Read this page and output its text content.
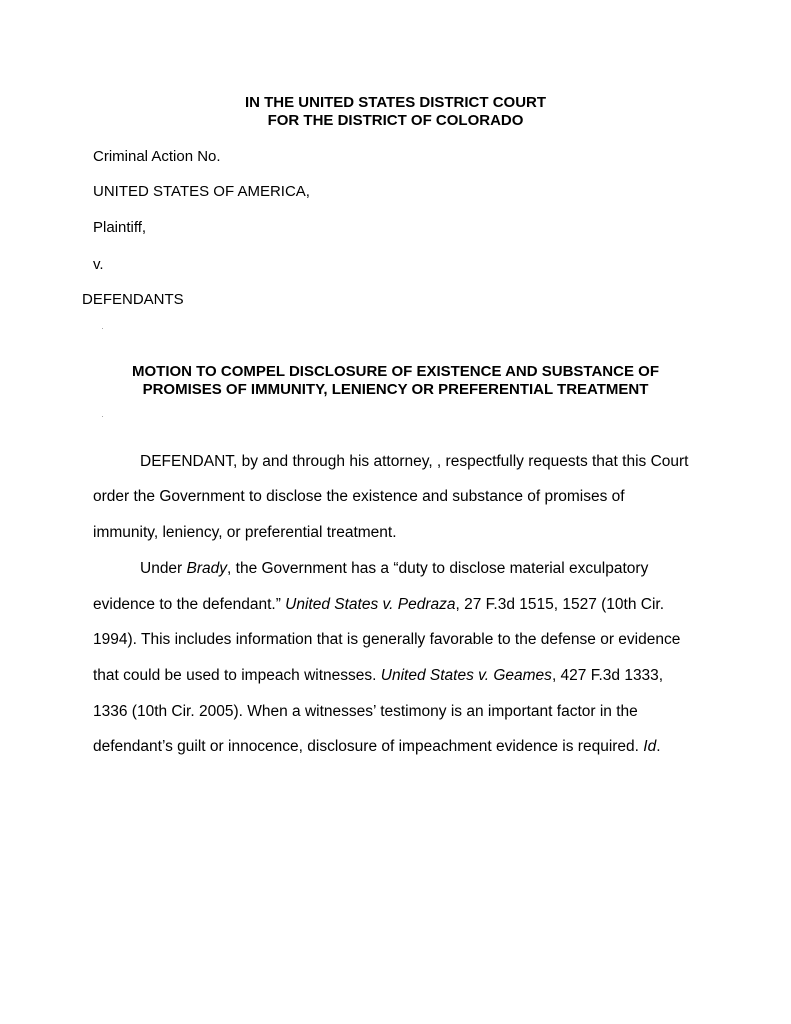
IN THE UNITED STATES DISTRICT COURT
FOR THE DISTRICT OF COLORADO
Criminal Action No.
UNITED STATES OF AMERICA,
Plaintiff,
v.
DEFENDANTS
·
MOTION TO COMPEL DISCLOSURE OF EXISTENCE AND SUBSTANCE OF
PROMISES OF IMMUNITY, LENIENCY OR PREFERENTIAL TREATMENT
·
DEFENDANT, by and through his attorney, , respectfully requests that this Court
order the Government to disclose the existence and substance of promises of
immunity, leniency, or preferential treatment.
Under Brady, the Government has a “duty to disclose material exculpatory
evidence to the defendant.” United States v. Pedraza, 27 F.3d 1515, 1527 (10th Cir.
1994). This includes information that is generally favorable to the defense or evidence
that could be used to impeach witnesses. United States v. Geames, 427 F.3d 1333,
1336 (10th Cir. 2005). When a witnesses’ testimony is an important factor in the
defendant’s guilt or innocence, disclosure of impeachment evidence is required. Id.
